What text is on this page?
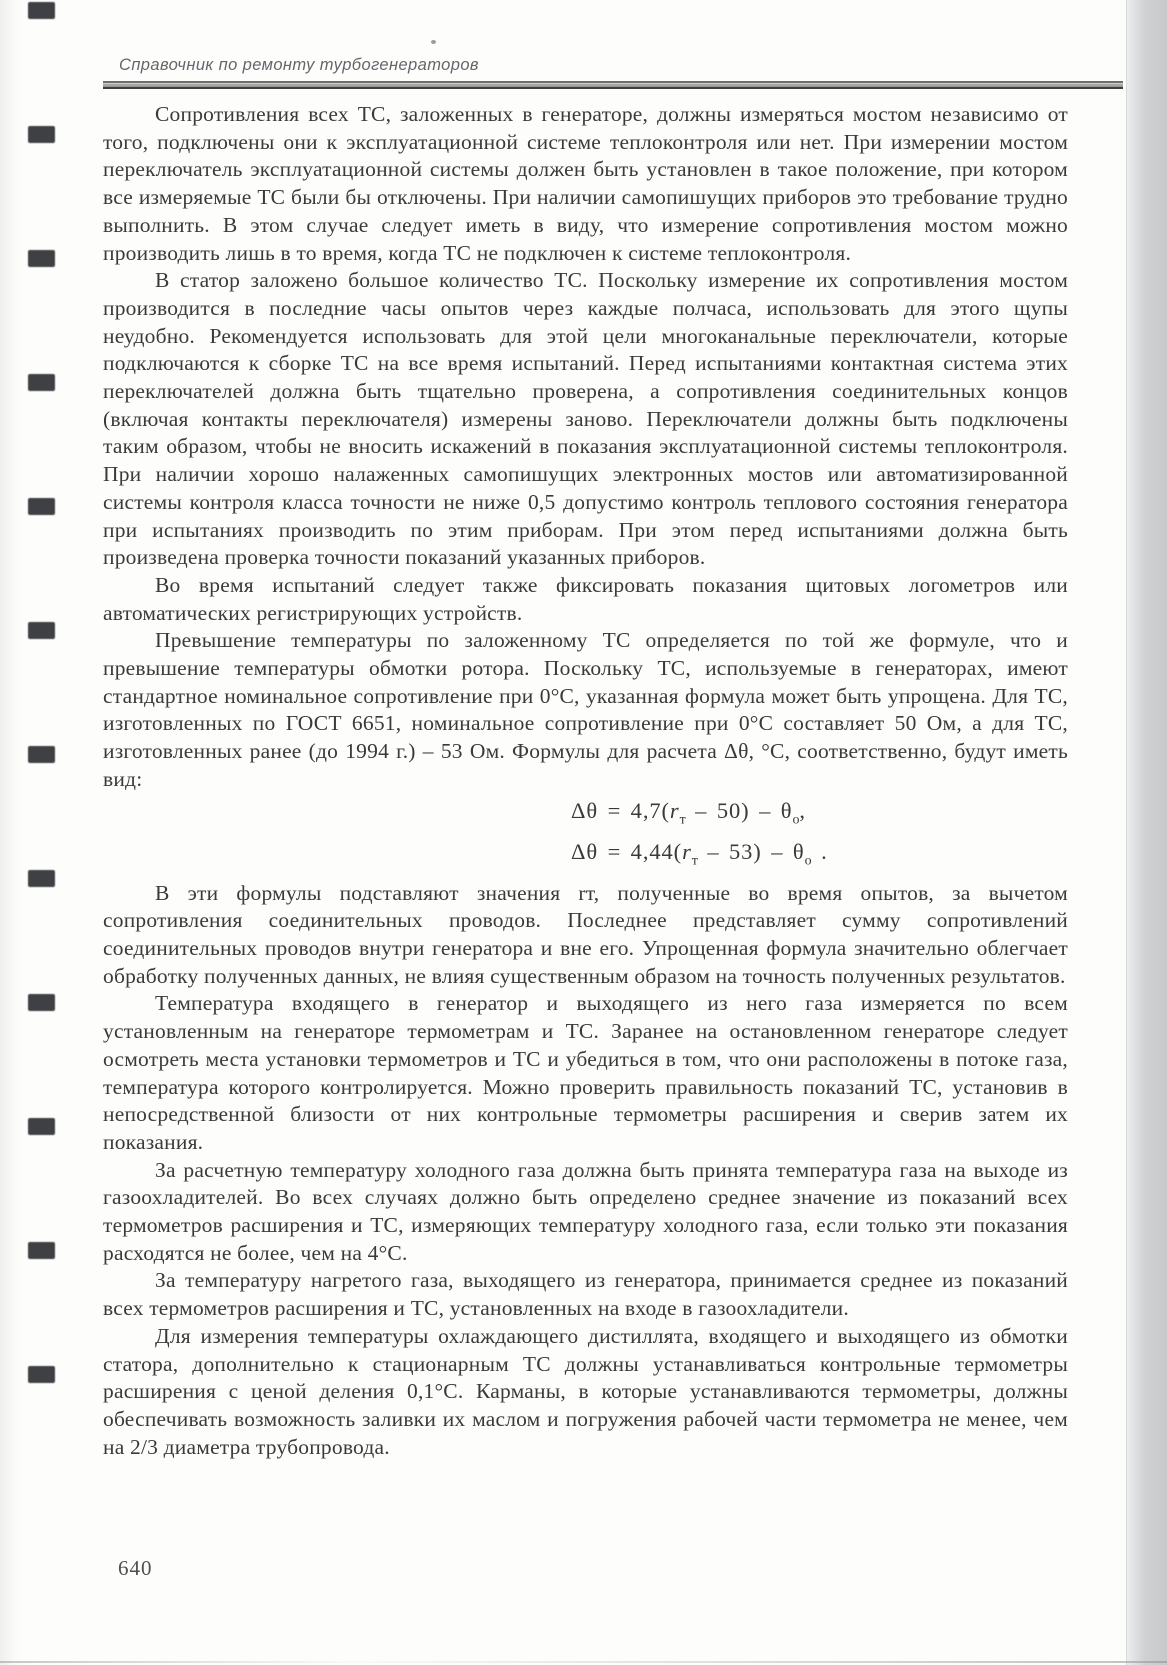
Справочник по ремонту турбогенераторов

Сопротивления всех ТС, заложенных в генераторе, должны измеряться мостом независимо от того, подключены они к эксплуатационной системе теплоконтроля или нет. При измерении мостом переключатель эксплуатационной системы должен быть установлен в такое положение, при котором все измеряемые ТС были бы отключены. При наличии самопишущих приборов это требование трудно выполнить. В этом случае следует иметь в виду, что измерение сопротивления мостом можно производить лишь в то время, когда ТС не подключен к системе теплоконтроля.

В статор заложено большое количество ТС. Поскольку измерение их сопротивления мостом производится в последние часы опытов через каждые полчаса, использовать для этого щупы неудобно. Рекомендуется использовать для этой цели многоканальные переключатели, которые подключаются к сборке ТС на все время испытаний. Перед испытаниями контактная система этих переключателей должна быть тщательно проверена, а сопротивления соединительных концов (включая контакты переключателя) измерены заново. Переключатели должны быть подключены таким образом, чтобы не вносить искажений в показания эксплуатационной системы теплоконтроля. При наличии хорошо налаженных самопишущих электронных мостов или автоматизированной системы контроля класса точности не ниже 0,5 допустимо контроль теплового состояния генератора при испытаниях производить по этим приборам. При этом перед испытаниями должна быть произведена проверка точности показаний указанных приборов.

Во время испытаний следует также фиксировать показания щитовых логометров или автоматических регистрирующих устройств.

Превышение температуры по заложенному ТС определяется по той же формуле, что и превышение температуры обмотки ротора. Поскольку ТС, используемые в генераторах, имеют стандартное номинальное сопротивление при 0°С, указанная формула может быть упрощена. Для ТС, изготовленных по ГОСТ 6651, номинальное сопротивление при 0°С составляет 50 Ом, а для ТС, изготовленных ранее (до 1994 г.) – 53 Ом. Формулы для расчета Δθ, °С, соответственно, будут иметь вид:

$\Delta\theta = 4,7(r_т - 50) - \theta_о$,
$\Delta\theta = 4,44(r_т - 53) - \theta_о$ .

В эти формулы подставляют значения rт, полученные во время опытов, за вычетом сопротивления соединительных проводов. Последнее представляет сумму сопротивлений соединительных проводов внутри генератора и вне его. Упрощенная формула значительно облегчает обработку полученных данных, не влияя существенным образом на точность полученных результатов.

Температура входящего в генератор и выходящего из него газа измеряется по всем установленным на генераторе термометрам и ТС. Заранее на остановленном генераторе следует осмотреть места установки термометров и ТС и убедиться в том, что они расположены в потоке газа, температура которого контролируется. Можно проверить правильность показаний ТС, установив в непосредственной близости от них контрольные термометры расширения и сверив затем их показания.

За расчетную температуру холодного газа должна быть принята температура газа на выходе из газоохладителей. Во всех случаях должно быть определено среднее значение из показаний всех термометров расширения и ТС, измеряющих температуру холодного газа, если только эти показания расходятся не более, чем на 4°С.

За температуру нагретого газа, выходящего из генератора, принимается среднее из показаний всех термометров расширения и ТС, установленных на входе в газоохладители.

Для измерения температуры охлаждающего дистиллята, входящего и выходящего из обмотки статора, дополнительно к стационарным ТС должны устанавливаться контрольные термометры расширения с ценой деления 0,1°С. Карманы, в которые устанавливаются термометры, должны обеспечивать возможность заливки их маслом и погружения рабочей части термометра не менее, чем на 2/3 диаметра трубопровода.

640
